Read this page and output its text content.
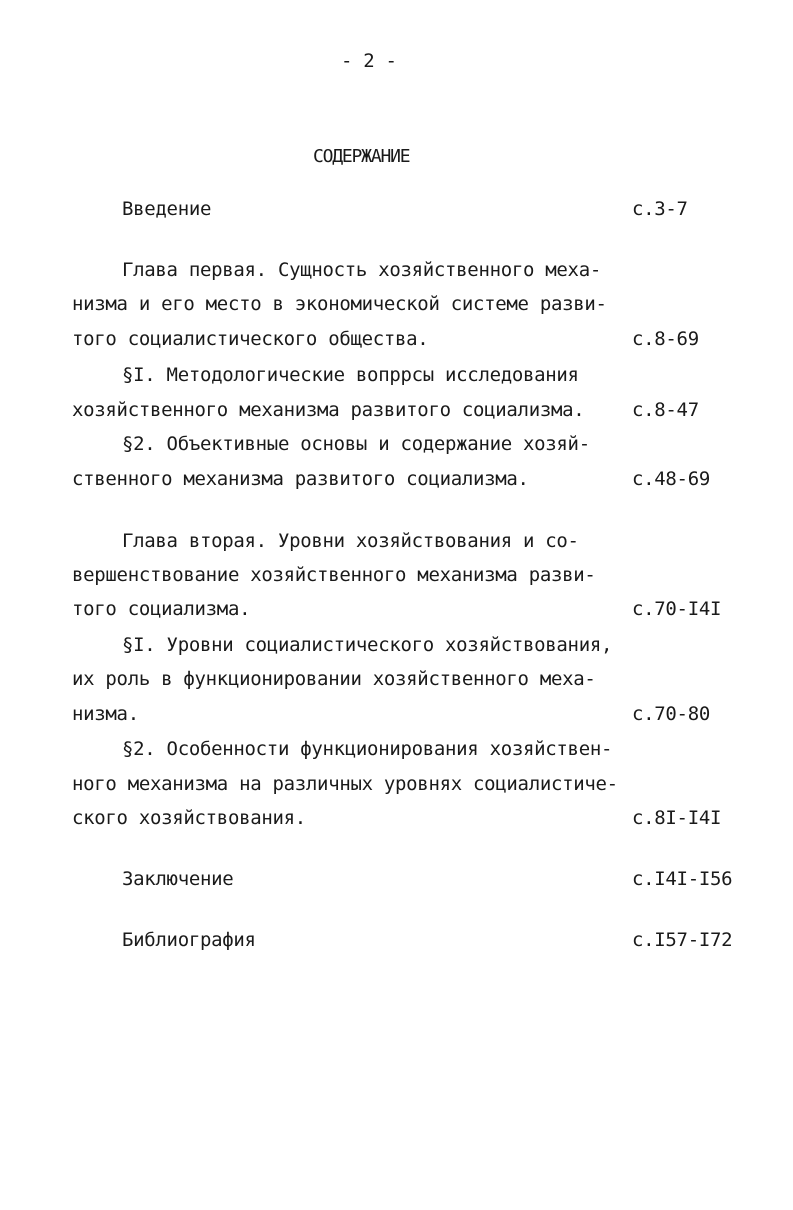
- 2 -
СОДЕРЖАНИЕ
Введение	с.3-7
Глава первая. Сущность хозяйственного меха-
низма и его место в экономической системе разви-
того социалистического общества.	с.8-69
§I. Методологические вопррсы исследования
хозяйственного механизма развитого социализма.	с.8-47
§2. Объективные основы и содержание хозяй-
ственного механизма развитого социализма.	с.48-69
Глава вторая. Уровни хозяйствования и со-
вершенствование хозяйственного механизма разви-
того социализма.	с.70-I4I
§I. Уровни социалистического хозяйствования,
их роль в функционировании хозяйственного меха-
низма.	с.70-80
§2. Особенности функционирования хозяйствен-
ного механизма на различных уровнях социалистиче-
ского хозяйствования.	с.8I-I4I
Заключение	с.I4I-I56
Библиография	с.I57-I72
